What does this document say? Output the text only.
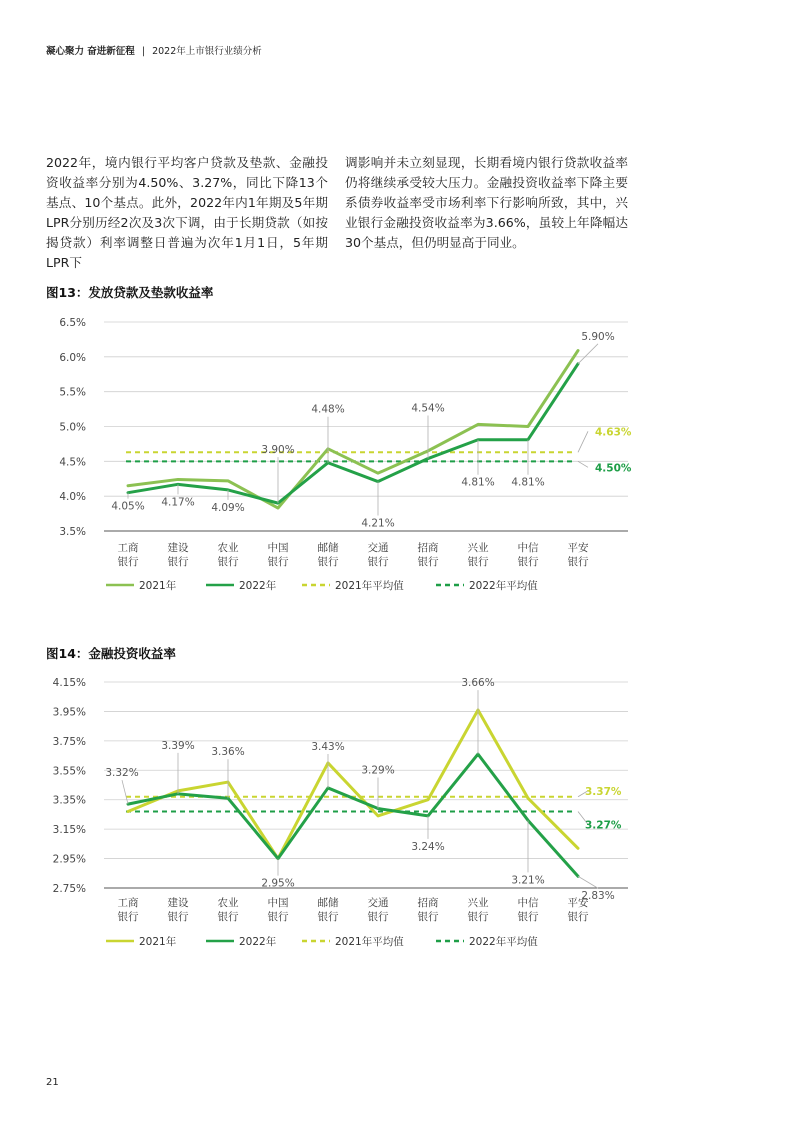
凝心聚力 奋进新征程 | 2022年上市银行业绩分析

2022年，境内银行平均客户贷款及垫款、金融投资收益率分别为4.50%、3.27%，同比下降13个基点、10个基点。此外，2022年内1年期及5年期LPR分别历经2次及3次下调，由于长期贷款（如按揭贷款）利率调整日普遍为次年1月1日，5年期LPR下

调影响并未立刻显现，长期看境内银行贷款收益率仍将继续承受较大压力。金融投资收益率下降主要系债券收益率受市场利率下行影响所致，其中，兴业银行金融投资收益率为3.66%，虽较上年降幅达30个基点，但仍明显高于同业。

图13：发放贷款及垫款收益率
3.5%
4.0%
4.5%
5.0%
5.5%
6.0%
6.5%
工商
银行
建设
银行
农业
银行
中国
银行
邮储
银行
交通
银行
招商
银行
兴业
银行
中信
银行
平安
银行
4.63%
4.50%
4.05% 4.17% 4.09%
3.90%
4.48%
4.21%
4.54%
4.81% 4.81%
5.90%
2021年	2022年	2021年平均值	2022年平均值
图14：金融投资收益率
2.75%
2.95%
3.15%
3.35%
3.55%
3.75%
3.95%
4.15%
工商
银行
建设
银行
农业
银行
中国
银行
邮储
银行
交通
银行
招商
银行
兴业
银行
中信
银行
平安
银行
3.37%
3.27%
3.32%
3.39%
3.36%
2.95%
3.43%
3.29%
3.24%
3.66%
3.21%
2.83%
2021年	2022年	2021年平均值	2022年平均值
21
